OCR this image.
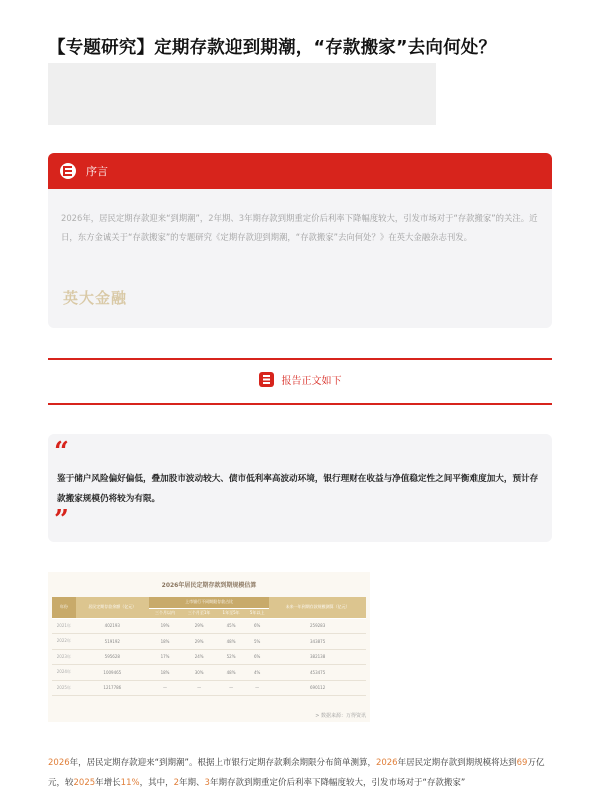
【专题研究】定期存款迎到期潮，“存款搬家”去向何处？
序言

2026年，居民定期存款迎来“到期潮”，2年期、3年期存款到期重定价后利率下降幅度较大，引发市场对于“存款搬家”的关注。近日，东方金诚关于“存款搬家”的专题研究《定期存款迎到期潮，“存款搬家”去向何处？》在英大金融杂志刊发。

英大金融
报告正文如下
“

鉴于储户风险偏好偏低，叠加股市波动较大、债市低利率高波动环境，银行理财在收益与净值稳定性之间平衡难度加大，预计存款搬家规模仍将较为有限。

”
2026年居民定期存款到期规模估算
年份	居民定期存款余额（亿元）	上市银行不同期限存款占比				未来一年到期存款规模测算（亿元）
		三个月以内	三个月至1年	1年至5年	5年以上	
2021年	402193	19%	29%	45%	6%	259283
2022年	519192	18%	29%	48%	5%	343875
2023年	595628	17%	24%	52%	6%	382138
2024年	1009465	18%	30%	48%	4%	453475
2025年	1217786	—	—	—	—	690112
> 数据来源：万得资讯

2026年，居民定期存款迎来“到期潮”。根据上市银行定期存款剩余期限分布简单测算，2026年居民定期存款到期规模将达到69万亿元，较2025年增长11%，其中，2年期、3年期存款到期重定价后利率下降幅度较大，引发市场对于“存款搬家”
